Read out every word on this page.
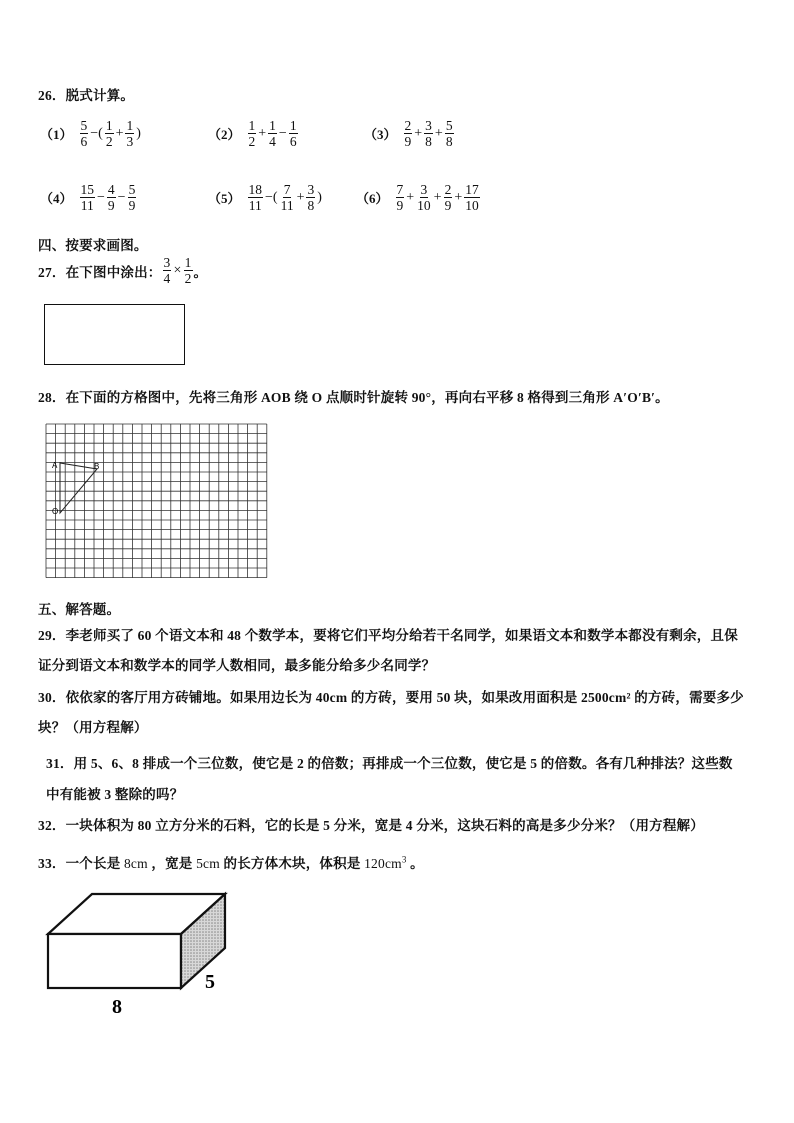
26．脱式计算。
$(1) \frac{5}{6}$ −( $\frac{1}{2} + \frac{1}{3}$ )	$(2) \frac{1}{2} + \frac{1}{4} - \frac{1}{6}$	$(3) \frac{2}{9} + \frac{3}{8} + \frac{5}{8}$
$(4) \frac{15}{11} - \frac{4}{9} - \frac{5}{9}$	$(5) \frac{18}{11}$ −( $\frac{7}{11} + \frac{3}{8}$ )	$(6) \frac{7}{9} + \frac{3}{10} + \frac{2}{9} + \frac{17}{10}$
四、按要求画图。
27．在下图中涂出： $\frac{3}{4} \times \frac{1}{2}$ 。
28．在下面的方格图中，先将三角形 AOB 绕 O 点顺时针旋转 90°，再向右平移 8 格得到三角形 A′O′B′。
A	B
O
五、解答题。
29．李老师买了 60 个语文本和 48 个数学本，要将它们平均分给若干名同学，如果语文本和数学本都没有剩余，且保
证分到语文本和数学本的同学人数相同，最多能分给多少名同学？
30．依依家的客厅用方砖铺地。如果用边长为 40cm 的方砖，要用 50 块，如果改用面积是 2500cm² 的方砖，需要多少
块？（用方程解）
31．用 5、6、8 排成一个三位数，使它是 2 的倍数；再排成一个三位数，使它是 5 的倍数。各有几种排法？这些数
中有能被 3 整除的吗？
32．一块体积为 80 立方分米的石料，它的长是 5 分米，宽是 4 分米，这块石料的高是多少分米？（用方程解）
33．一个长是 8cm ，宽是 5cm 的长方体木块，体积是 $120cm^3$ 。
8
5
